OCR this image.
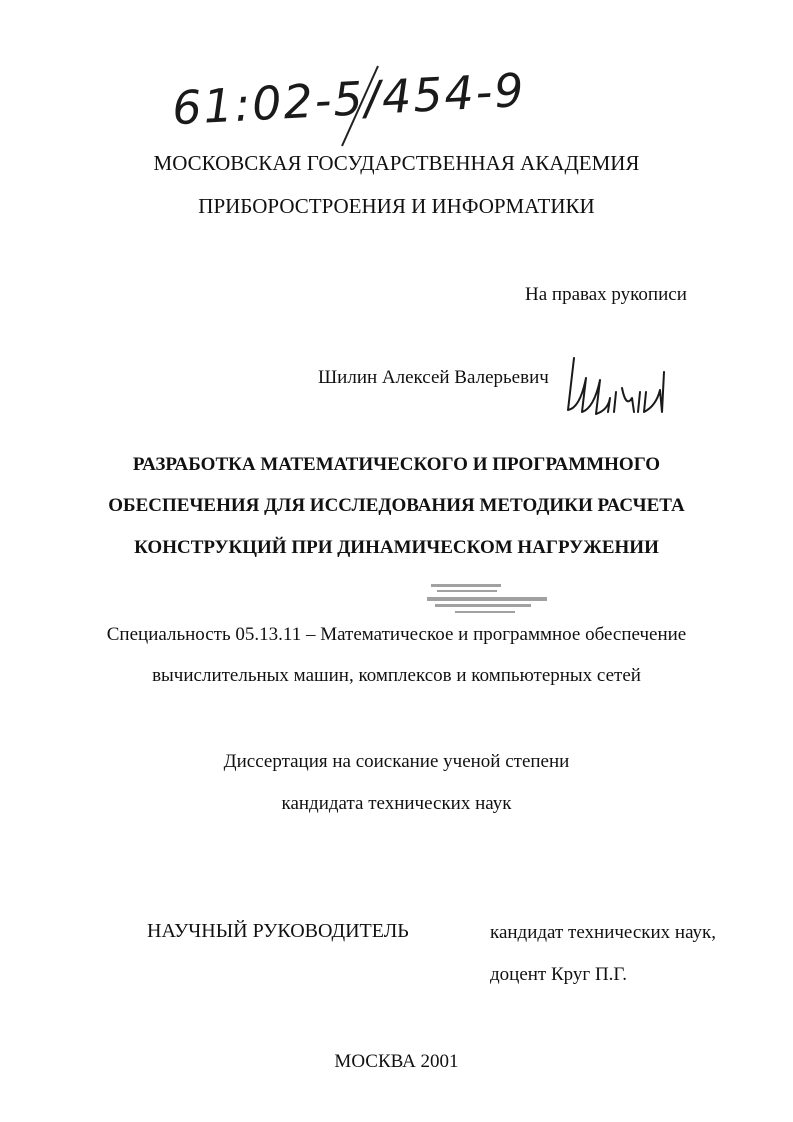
61:02-5/454-9
МОСКОВСКАЯ ГОСУДАРСТВЕННАЯ АКАДЕМИЯ
ПРИБОРОСТРОЕНИЯ И ИНФОРМАТИКИ
На правах рукописи
Шилин Алексей Валерьевич
РАЗРАБОТКА МАТЕМАТИЧЕСКОГО И ПРОГРАММНОГО
ОБЕСПЕЧЕНИЯ ДЛЯ ИССЛЕДОВАНИЯ МЕТОДИКИ РАСЧЕТА
КОНСТРУКЦИЙ ПРИ ДИНАМИЧЕСКОМ НАГРУЖЕНИИ
Специальность 05.13.11 – Математическое и программное обеспечение
вычислительных машин, комплексов и компьютерных сетей
Диссертация на соискание ученой степени
кандидата технических наук
НАУЧНЫЙ РУКОВОДИТЕЛЬ	кандидат технических наук,
доцент Круг П.Г.
МОСКВА 2001
